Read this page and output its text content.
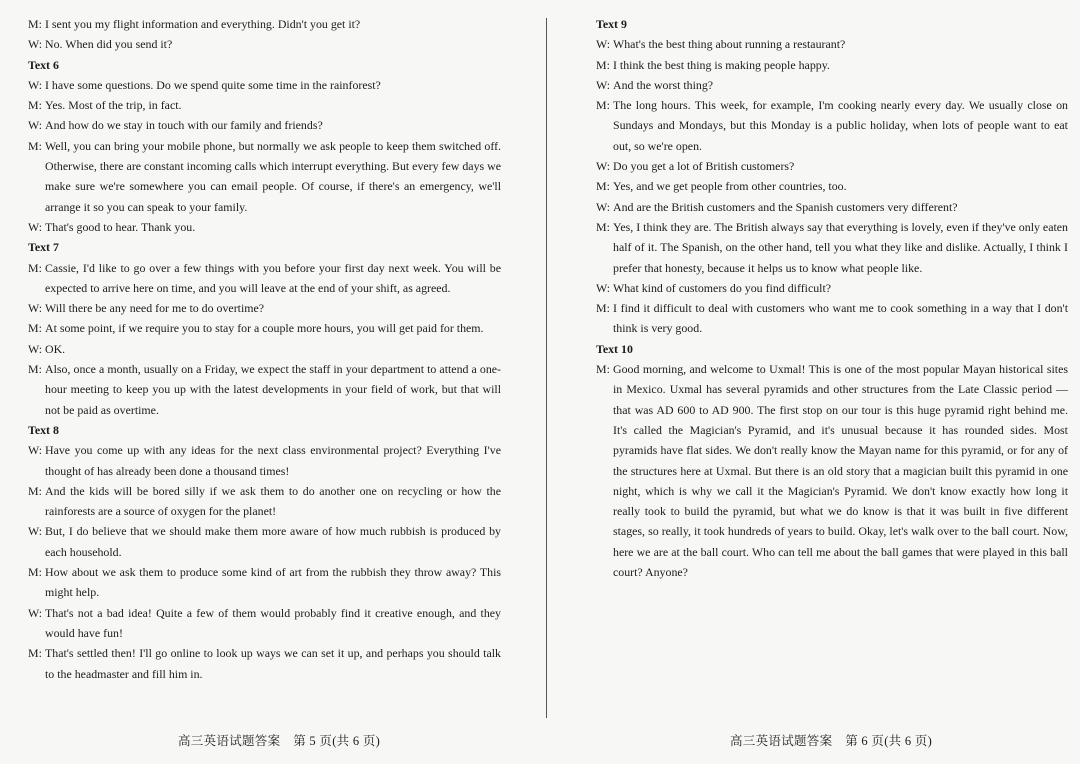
M: I sent you my flight information and everything. Didn't you get it?
W: No. When did you send it?
Text 6
W: I have some questions. Do we spend quite some time in the rainforest?
M: Yes. Most of the trip, in fact.
W: And how do we stay in touch with our family and friends?
M: Well, you can bring your mobile phone, but normally we ask people to keep them switched off. Otherwise, there are constant incoming calls which interrupt everything. But every few days we make sure we're somewhere you can email people. Of course, if there's an emergency, we'll arrange it so you can speak to your family.
W: That's good to hear. Thank you.
Text 7
M: Cassie, I'd like to go over a few things with you before your first day next week. You will be expected to arrive here on time, and you will leave at the end of your shift, as agreed.
W: Will there be any need for me to do overtime?
M: At some point, if we require you to stay for a couple more hours, you will get paid for them.
W: OK.
M: Also, once a month, usually on a Friday, we expect the staff in your department to attend a one-hour meeting to keep you up with the latest developments in your field of work, but that will not be paid as overtime.
Text 8
W: Have you come up with any ideas for the next class environmental project? Everything I've thought of has already been done a thousand times!
M: And the kids will be bored silly if we ask them to do another one on recycling or how the rainforests are a source of oxygen for the planet!
W: But, I do believe that we should make them more aware of how much rubbish is produced by each household.
M: How about we ask them to produce some kind of art from the rubbish they throw away? This might help.
W: That's not a bad idea! Quite a few of them would probably find it creative enough, and they would have fun!
M: That's settled then! I'll go online to look up ways we can set it up, and perhaps you should talk to the headmaster and fill him in.
Text 9
W: What's the best thing about running a restaurant?
M: I think the best thing is making people happy.
W: And the worst thing?
M: The long hours. This week, for example, I'm cooking nearly every day. We usually close on Sundays and Mondays, but this Monday is a public holiday, when lots of people want to eat out, so we're open.
W: Do you get a lot of British customers?
M: Yes, and we get people from other countries, too.
W: And are the British customers and the Spanish customers very different?
M: Yes, I think they are. The British always say that everything is lovely, even if they've only eaten half of it. The Spanish, on the other hand, tell you what they like and dislike. Actually, I think I prefer that honesty, because it helps us to know what people like.
W: What kind of customers do you find difficult?
M: I find it difficult to deal with customers who want me to cook something in a way that I don't think is very good.
Text 10
M: Good morning, and welcome to Uxmal! This is one of the most popular Mayan historical sites in Mexico. Uxmal has several pyramids and other structures from the Late Classic period — that was AD 600 to AD 900. The first stop on our tour is this huge pyramid right behind me. It's called the Magician's Pyramid, and it's unusual because it has rounded sides. Most pyramids have flat sides. We don't really know the Mayan name for this pyramid, or for any of the structures here at Uxmal. But there is an old story that a magician built this pyramid in one night, which is why we call it the Magician's Pyramid. We don't know exactly how long it really took to build the pyramid, but what we do know is that it was built in five different stages, so really, it took hundreds of years to build. Okay, let's walk over to the ball court. Now, here we are at the ball court. Who can tell me about the ball games that were played in this ball court? Anyone?
高三英语试题答案　第 5 页(共 6 页)	高三英语试题答案　第 6 页(共 6 页)
